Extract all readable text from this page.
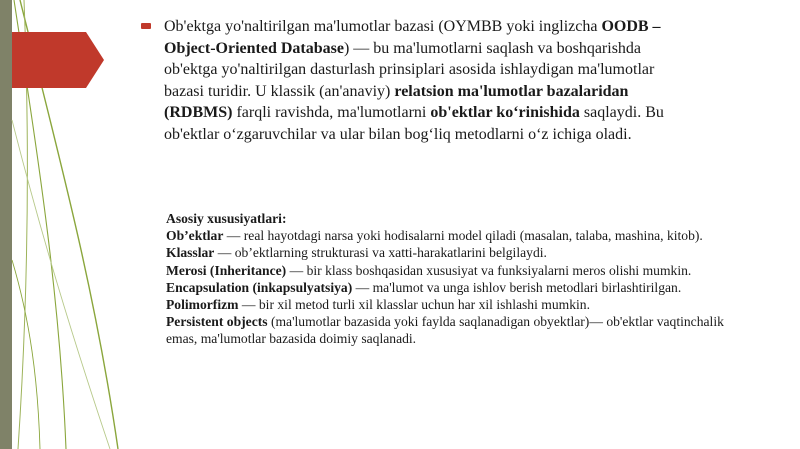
Ob'ektga yo'naltirilgan ma'lumotlar bazasi (OYMBB yoki inglizcha OODB – Object-Oriented Database) — bu ma'lumotlarni saqlash va boshqarishda ob'ektga yo'naltirilgan dasturlash prinsiplari asosida ishlaydigan ma'lumotlar bazasi turidir. U klassik (an'anaviy) relatsion ma'lumotlar bazalaridan (RDBMS) farqli ravishda, ma'lumotlarni ob'ektlar ko‘rinishida saqlaydi. Bu ob'ektlar o‘zgaruvchilar va ular bilan bog‘liq metodlarni o‘z ichiga oladi.

Asosiy xususiyatlari:
Ob’ektlar — real hayotdagi narsa yoki hodisalarni model qiladi (masalan, talaba, mashina, kitob).
Klasslar — ob’ektlarning strukturasi va xatti-harakatlarini belgilaydi.
Merosi (Inheritance) — bir klass boshqasidan xususiyat va funksiyalarni meros olishi mumkin.
Encapsulation (inkapsulyatsiya) — ma'lumot va unga ishlov berish metodlari birlashtirilgan.
Polimorfizm — bir xil metod turli xil klasslar uchun har xil ishlashi mumkin.
Persistent objects (ma'lumotlar bazasida yoki faylda saqlanadigan obyektlar)— ob'ektlar vaqtinchalik emas, ma'lumotlar bazasida doimiy saqlanadi.
